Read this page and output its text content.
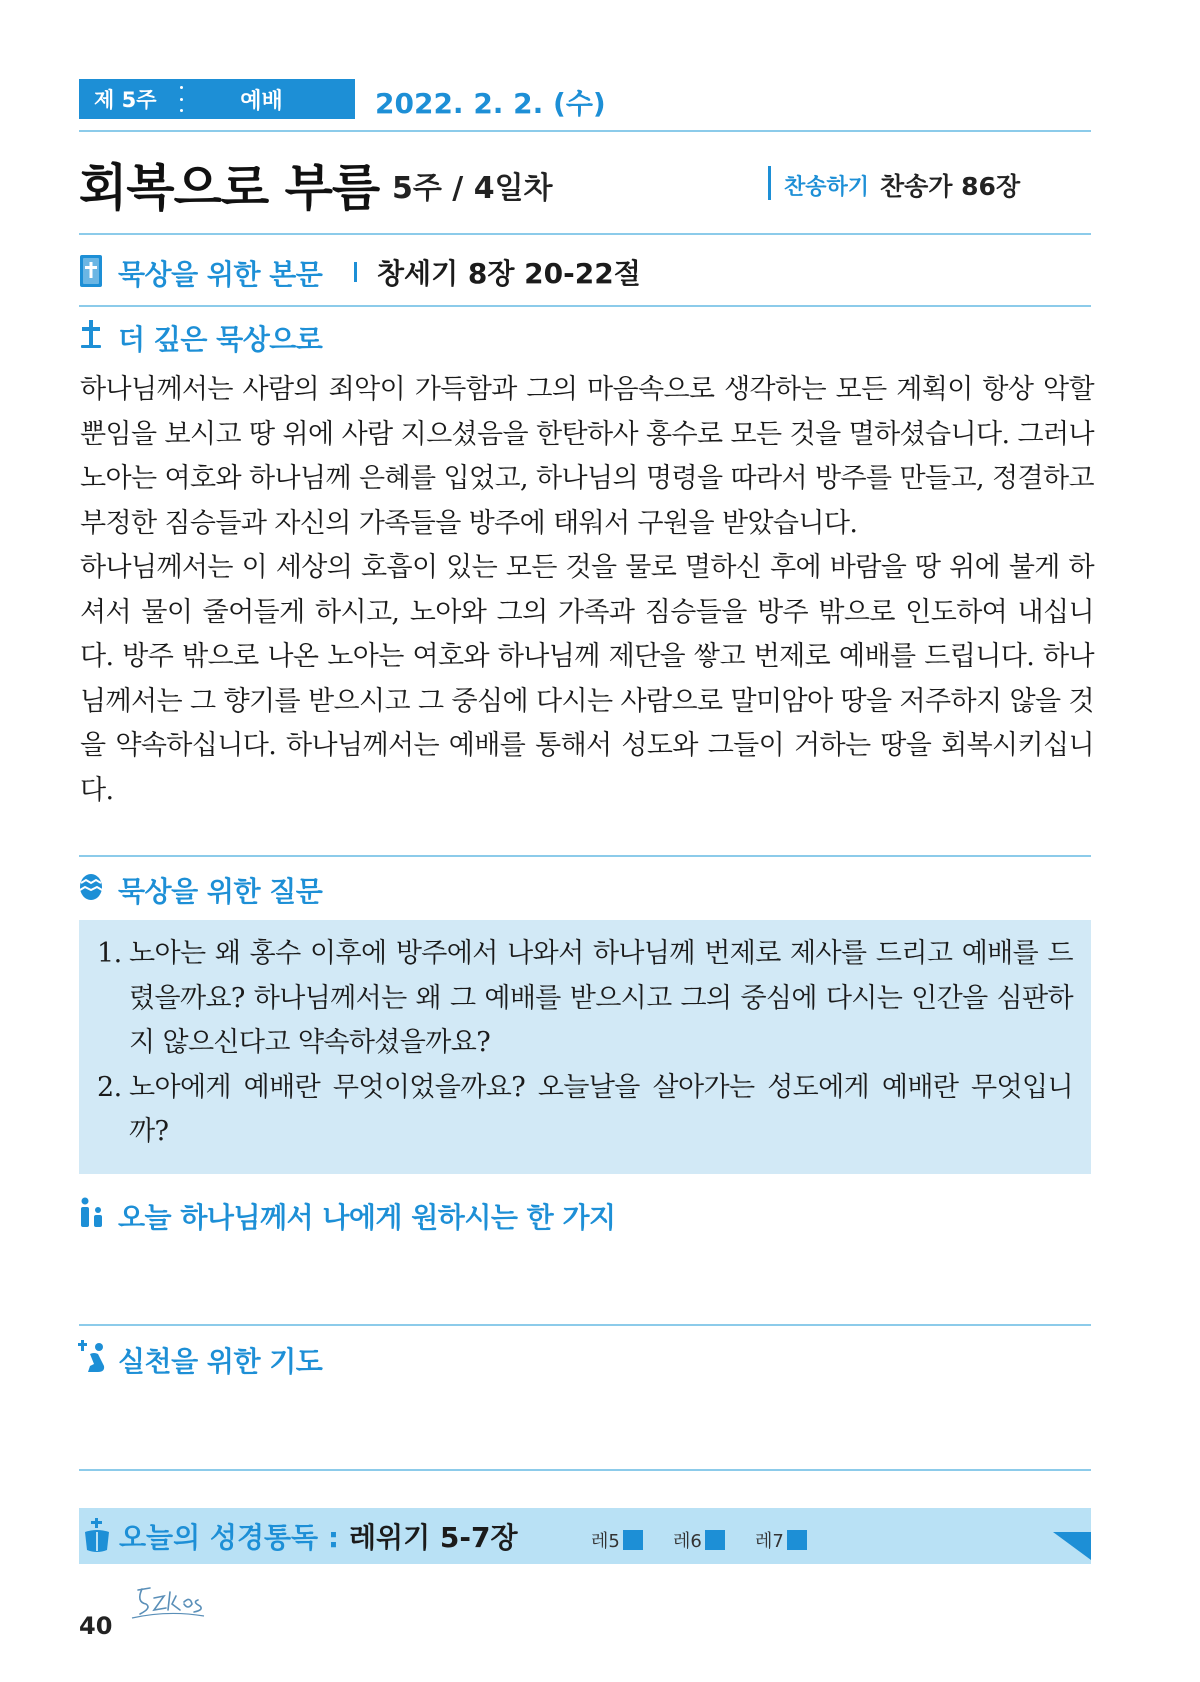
제 5주	예배	2022. 2. 2. (수)
회복으로 부름 5주 / 4일차	찬송하기 찬송가 86장
묵상을 위한 본문 창세기 8장 20-22절
더 깊은 묵상으로

하나님께서는 사람의 죄악이 가득함과 그의 마음속으로 생각하는 모든 계획이 항상 악할 뿐임을 보시고 땅 위에 사람 지으셨음을 한탄하사 홍수로 모든 것을 멸하셨습니다. 그러나 노아는 여호와 하나님께 은혜를 입었고, 하나님의 명령을 따라서 방주를 만들고, 정결하고 부정한 짐승들과 자신의 가족들을 방주에 태워서 구원을 받았습니다.

하나님께서는 이 세상의 호흡이 있는 모든 것을 물로 멸하신 후에 바람을 땅 위에 불게 하셔서 물이 줄어들게 하시고, 노아와 그의 가족과 짐승들을 방주 밖으로 인도하여 내십니다. 방주 밖으로 나온 노아는 여호와 하나님께 제단을 쌓고 번제로 예배를 드립니다. 하나님께서는 그 향기를 받으시고 그 중심에 다시는 사람으로 말미암아 땅을 저주하지 않을 것을 약속하십니다. 하나님께서는 예배를 통해서 성도와 그들이 거하는 땅을 회복시키십니다.

묵상을 위한 질문
1. 노아는 왜 홍수 이후에 방주에서 나와서 하나님께 번제로 제사를 드리고 예배를 드렸을까요? 하나님께서는 왜 그 예배를 받으시고 그의 중심에 다시는 인간을 심판하지 않으신다고 약속하셨을까요?
2. 노아에게 예배란 무엇이었을까요? 오늘날을 살아가는 성도에게 예배란 무엇입니까?
오늘 하나님께서 나에게 원하시는 한 가지
실천을 위한 기도
오늘의 성경통독 : 레위기 5-7장	레5	레6	레7
40
